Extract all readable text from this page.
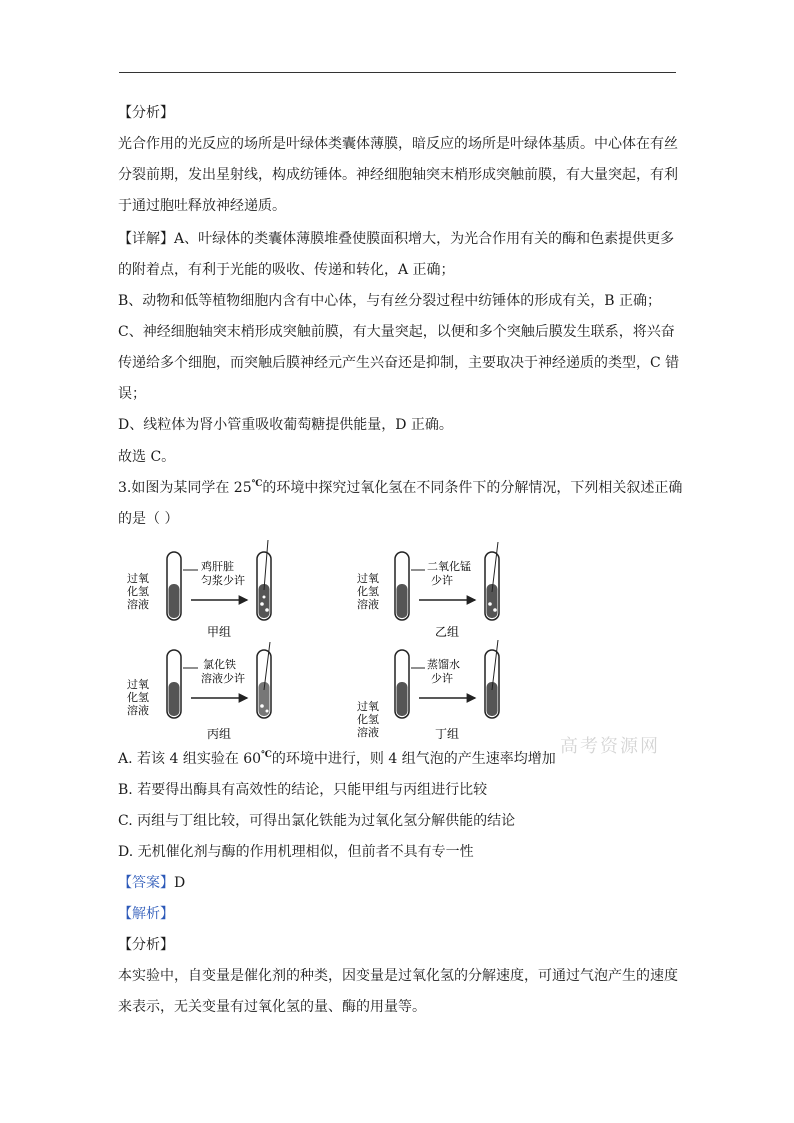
【分析】
光合作用的光反应的场所是叶绿体类囊体薄膜，暗反应的场所是叶绿体基质。中心体在有丝
分裂前期，发出星射线，构成纺锤体。神经细胞轴突末梢形成突触前膜，有大量突起，有利
于通过胞吐释放神经递质。
【详解】A、叶绿体的类囊体薄膜堆叠使膜面积增大，为光合作用有关的酶和色素提供更多
的附着点，有利于光能的吸收、传递和转化，A 正确；
B、动物和低等植物细胞内含有中心体，与有丝分裂过程中纺锤体的形成有关，B 正确；
C、神经细胞轴突末梢形成突触前膜，有大量突起，以便和多个突触后膜发生联系，将兴奋
传递给多个细胞，而突触后膜神经元产生兴奋还是抑制，主要取决于神经递质的类型，C 错
误；
D、线粒体为肾小管重吸收葡萄糖提供能量，D 正确。
故选 C。
3.如图为某同学在 25℃的环境中探究过氧化氢在不同条件下的分解情况，下列相关叙述正确
的是（ ）
过氧
化氢
溶液
鸡肝脏
匀浆少许
甲组
过氧
化氢
溶液
二氧化锰
少许
乙组
过氧
化氢
溶液
氯化铁
溶液少许
丙组
蒸馏水
少许
过氧
化氢
溶液	丁组
高考资源网
A. 若该 4 组实验在 60℃的环境中进行，则 4 组气泡的产生速率均增加
B. 若要得出酶具有高效性的结论，只能甲组与丙组进行比较
C. 丙组与丁组比较，可得出氯化铁能为过氧化氢分解供能的结论
D. 无机催化剂与酶的作用机理相似，但前者不具有专一性
【答案】D
【解析】
【分析】
本实验中，自变量是催化剂的种类，因变量是过氧化氢的分解速度，可通过气泡产生的速度
来表示，无关变量有过氧化氢的量、酶的用量等。
